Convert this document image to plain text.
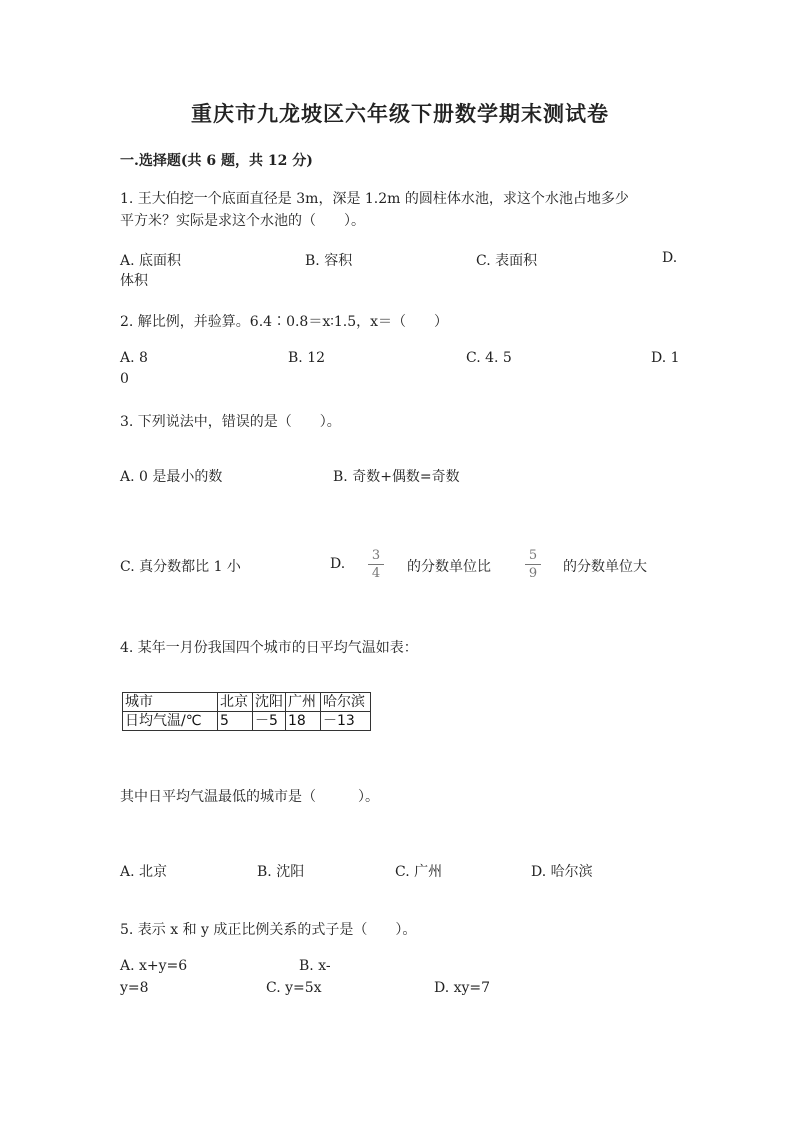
重庆市九龙坡区六年级下册数学期末测试卷
一.选择题(共 6 题，共 12 分)
1. 王大伯挖一个底面直径是 3m，深是 1.2m 的圆柱体水池，求这个水池占地多少
平方米？实际是求这个水池的（　　）。
A. 底面积	B. 容积	C. 表面积	D.
体积
2. 解比例，并验算。6.4∶0.8＝x∶1.5，x＝（　　）
A. 8	B. 12	C. 4. 5	D. 1
0
3. 下列说法中，错误的是（　　）。
A. 0 是最小的数	B. 奇数+偶数=奇数
C. 真分数都比 1 小	D.
3
4 的分数单位比
5
9 的分数单位大
4. 某年一月份我国四个城市的日平均气温如表：
城市	北京	沈阳	广州	哈尔滨
日均气温/℃	5	－5	18	－13
其中日平均气温最低的城市是（　　　）。
A. 北京	B. 沈阳	C. 广州	D. 哈尔滨
5. 表示 x 和 y 成正比例关系的式子是（　　）。
A. x+y=6	B. x-
y=8	C. y=5x	D. xy=7
